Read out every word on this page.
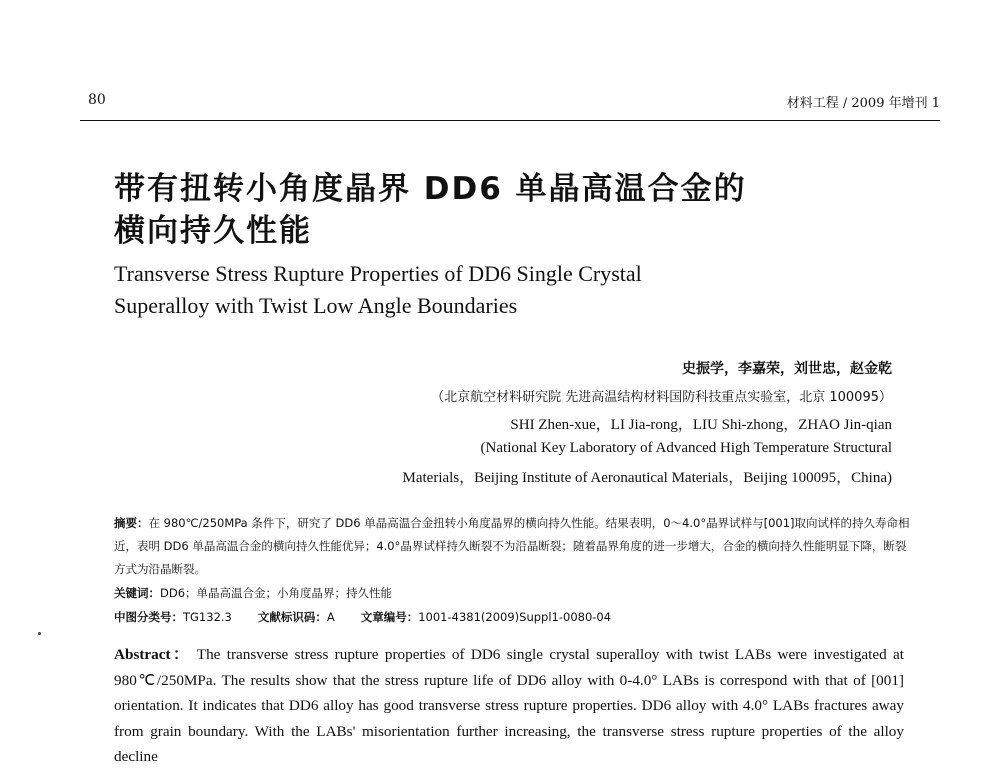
80	材料工程 / 2009 年增刊 1
带有扭转小角度晶界 DD6 单晶高温合金的
横向持久性能
Transverse Stress Rupture Properties of DD6 Single Crystal
Superalloy with Twist Low Angle Boundaries
史振学，李嘉荣，刘世忠，赵金乾
（北京航空材料研究院 先进高温结构材料国防科技重点实验室，北京 100095）
SHI Zhen-xue，LI Jia-rong，LIU Shi-zhong，ZHAO Jin-qian
(National Key Laboratory of Advanced High Temperature Structural
Materials，Beijing Institute of Aeronautical Materials，Beijing 100095，China)
摘要：在 980℃/250MPa 条件下，研究了 DD6 单晶高温合金扭转小角度晶界的横向持久性能。结果表明，0～4.0°晶界试样与[001]取向试样的持久寿命相近，表明 DD6 单晶高温合金的横向持久性能优异；4.0°晶界试样持久断裂不为沿晶断裂；随着晶界角度的进一步增大，合金的横向持久性能明显下降，断裂方式为沿晶断裂。
关键词：DD6；单晶高温合金；小角度晶界；持久性能
中图分类号：TG132.3 文献标识码：A 文章编号：1001-4381(2009)Suppl1-0080-04
Abstract： The transverse stress rupture properties of DD6 single crystal superalloy with twist LABs were investigated at 980℃/250MPa. The results show that the stress rupture life of DD6 alloy with 0-4.0° LABs is correspond with that of [001] orientation. It indicates that DD6 alloy has good transverse stress rupture properties. DD6 alloy with 4.0° LABs fractures away from grain boundary. With the LABs' misorientation further increasing, the transverse stress rupture properties of the alloy decline
